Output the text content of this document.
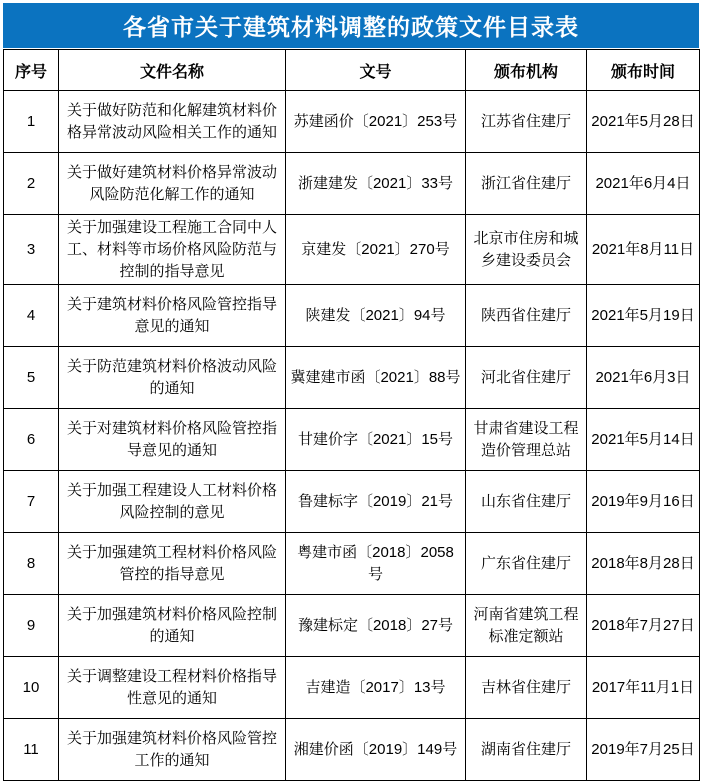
各省市关于建筑材料调整的政策文件目录表
序号	文件名称	文号	颁布机构	颁布时间
1	关于做好防范和化解建筑材料价格异常波动风险相关工作的通知	苏建函价〔2021〕253号	江苏省住建厅	2021年5月28日
2	关于做好建筑材料价格异常波动风险防范化解工作的通知	浙建建发〔2021〕33号	浙江省住建厅	2021年6月4日
3	关于加强建设工程施工合同中人工、材料等市场价格风险防范与控制的指导意见	京建发〔2021〕270号	北京市住房和城乡建设委员会	2021年8月11日
4	关于建筑材料价格风险管控指导意见的通知	陕建发〔2021〕94号	陕西省住建厅	2021年5月19日
5	关于防范建筑材料价格波动风险的通知	冀建建市函〔2021〕88号	河北省住建厅	2021年6月3日
6	关于对建筑材料价格风险管控指导意见的通知	甘建价字〔2021〕15号	甘肃省建设工程造价管理总站	2021年5月14日
7	关于加强工程建设人工材料价格风险控制的意见	鲁建标字〔2019〕21号	山东省住建厅	2019年9月16日
8	关于加强建筑工程材料价格风险管控的指导意见	粤建市函〔2018〕2058号	广东省住建厅	2018年8月28日
9	关于加强建筑材料价格风险控制的通知	豫建标定〔2018〕27号	河南省建筑工程标准定额站	2018年7月27日
10	关于调整建设工程材料价格指导性意见的通知	吉建造〔2017〕13号	吉林省住建厅	2017年11月1日
11	关于加强建筑材料价格风险管控工作的通知	湘建价函〔2019〕149号	湖南省住建厅	2019年7月25日
